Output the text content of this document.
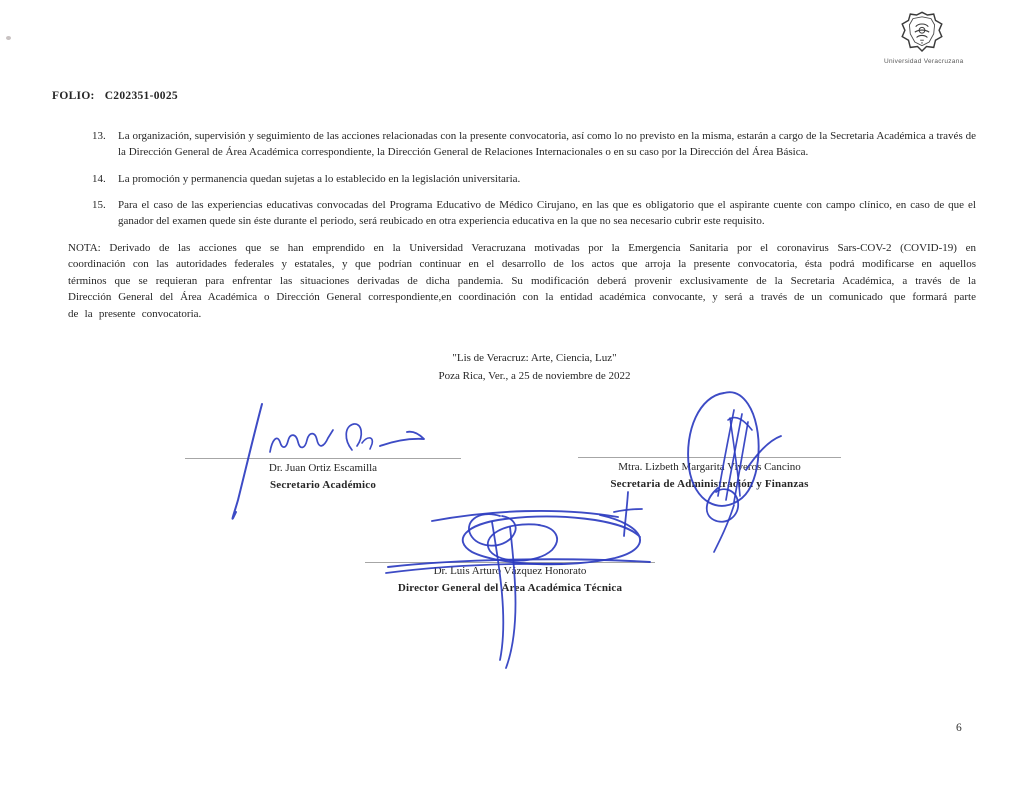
Universidad Veracruzana
FOLIO: C202351-0025
13.	La organización, supervisión y seguimiento de las acciones relacionadas con la presente convocatoria, así como lo no previsto en la misma, estarán a cargo de la Secretaria Académica a través de la Dirección General de Área Académica correspondiente, la Dirección General de Relaciones Internacionales o en su caso por la Dirección del Área Básica.
14.	La promoción y permanencia quedan sujetas a lo establecido en la legislación universitaria.
15.	Para el caso de las experiencias educativas convocadas del Programa Educativo de Médico Cirujano, en las que es obligatorio que el aspirante cuente con campo clínico, en caso de que el ganador del examen quede sin éste durante el periodo, será reubicado en otra experiencia educativa en la que no sea necesario cubrir este requisito.
NOTA: Derivado de las acciones que se han emprendido en la Universidad Veracruzana motivadas por la Emergencia Sanitaria por el coronavirus Sars-COV-2 (COVID-19) en coordinación con las autoridades federales y estatales, y que podrían continuar en el desarrollo de los actos que arroja la presente convocatoria, ésta podrá modificarse en aquellos términos que se requieran para enfrentar las situaciones derivadas de dicha pandemia. Su modificación deberá provenir exclusivamente de la Secretaria Académica, a través de la Dirección General del Área Académica o Dirección General correspondiente,en coordinación con la entidad académica convocante, y será a través de un comunicado que formará parte de la presente convocatoria.
"Lis de Veracruz: Arte, Ciencia, Luz"
Poza Rica, Ver., a 25 de noviembre de 2022
Dr. Juan Ortiz Escamilla
Secretario Académico
Mtra. Lizbeth Margarita Viveros Cancino
Secretaria de Administración y Finanzas
Dr. Luis Arturo Vázquez Honorato
Director General del Área Académica Técnica
6
